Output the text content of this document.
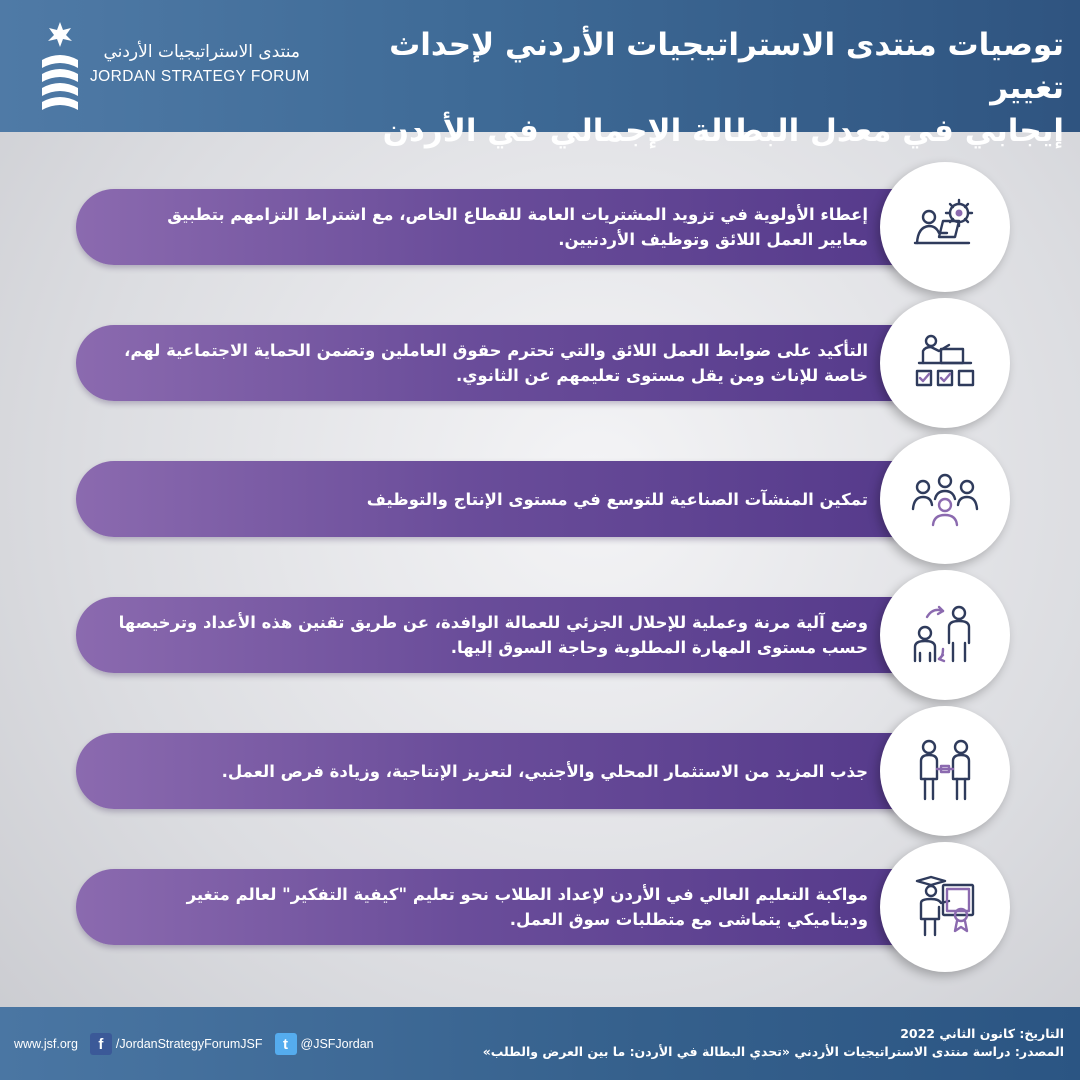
منتدى الاستراتيجيات الأردني
JORDAN STRATEGY FORUM
توصيات منتدى الاستراتيجيات الأردني لإحداث تغيير
إيجابي في معدل البطالة الإجمالي في الأردن
إعطاء الأولوية في تزويد المشتريات العامة للقطاع الخاص، مع اشتراط التزامهم بتطبيق
معايير العمل اللائق وتوظيف الأردنيين.
التأكيد على ضوابط العمل اللائق والتي تحترم حقوق العاملين وتضمن الحماية الاجتماعية لهم،
خاصة للإناث ومن يقل مستوى تعليمهم عن الثانوي.
تمكين المنشآت الصناعية للتوسع في مستوى الإنتاج والتوظيف
وضع آلية مرنة وعملية للإحلال الجزئي للعمالة الوافدة، عن طريق تقنين هذه الأعداد وترخيصها
حسب مستوى المهارة المطلوبة وحاجة السوق إليها.
جذب المزيد من الاستثمار المحلي والأجنبي، لتعزيز الإنتاجية، وزيادة فرص العمل.
مواكبة التعليم العالي في الأردن لإعداد الطلاب نحو تعليم "كيفية التفكير" لعالم متغير
وديناميكي يتماشى مع متطلبات سوق العمل.
www.jsf.org	f	/JordanStrategyForumJSF	t	@JSFJordan
التاريخ: كانون الثاني 2022
المصدر: دراسة منتدى الاستراتيجيات الأردني «تحدي البطالة في الأردن: ما بين العرض والطلب»
